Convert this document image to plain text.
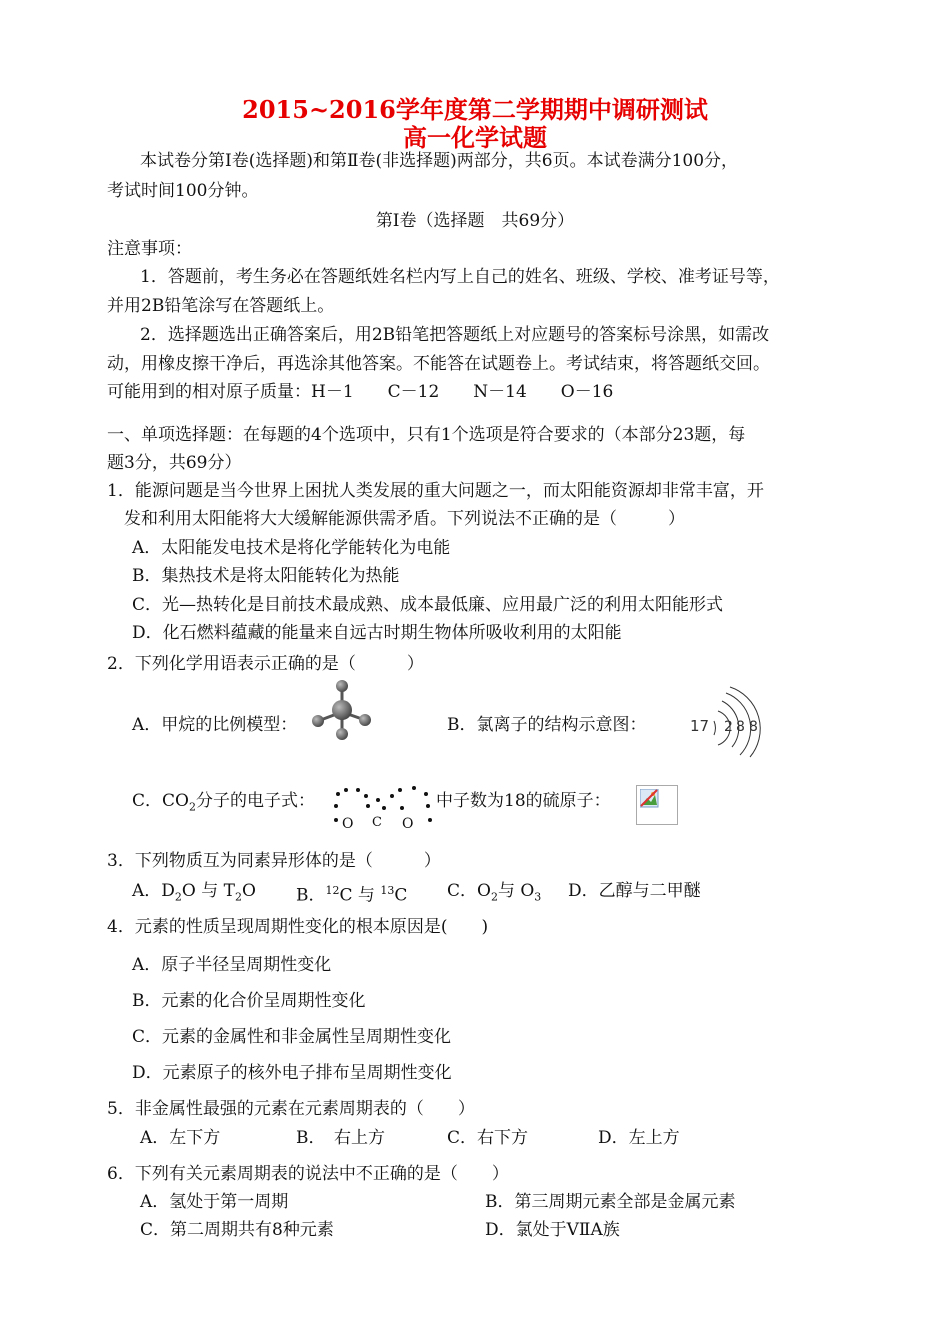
2015~2016学年度第二学期期中调研测试
高一化学试题
本试卷分第Ⅰ卷(选择题)和第Ⅱ卷(非选择题)两部分，共6页。本试卷满分100分，
考试时间100分钟。
第Ⅰ卷（选择题　共69分）
注意事项：
1．答题前，考生务必在答题纸姓名栏内写上自己的姓名、班级、学校、准考证号等，
并用2B铅笔涂写在答题纸上。
2．选择题选出正确答案后，用2B铅笔把答题纸上对应题号的答案标号涂黑，如需改
动，用橡皮擦干净后，再选涂其他答案。不能答在试题卷上。考试结束，将答题纸交回。
可能用到的相对原子质量：H－1　　C－12　　N－14　　O－16
一、单项选择题：在每题的4个选项中，只有1个选项是符合要求的（本部分23题，每
题3分，共69分）
1．能源问题是当今世界上困扰人类发展的重大问题之一，而太阳能资源却非常丰富，开
发和利用太阳能将大大缓解能源供需矛盾。下列说法不正确的是（　　　）
A．太阳能发电技术是将化学能转化为电能
B．集热技术是将太阳能转化为热能
C．光—热转化是目前技术最成熟、成本最低廉、应用最广泛的利用太阳能形式
D．化石燃料蕴藏的能量来自远古时期生物体所吸收利用的太阳能
2．下列化学用语表示正确的是（　　　）
A．甲烷的比例模型：	B．氯离子的结构示意图：	17 2 8 8
C．$CO_2$分子的电子式：
O C O
中子数为18的硫原子：
3．下列物质互为同素异形体的是（　　　）
A．$D_2O$ 与 $T_2O$ B．$^{12}$C 与 $^{13}$C C．$O_2$与 $O_3$ D．乙醇与二甲醚
4．元素的性质呈现周期性变化的根本原因是(　　)
A．原子半径呈周期性变化
B．元素的化合价呈周期性变化
C．元素的金属性和非金属性呈周期性变化
D．元素原子的核外电子排布呈周期性变化
5．非金属性最强的元素在元素周期表的（　　）
A．左下方	B．　右上方	C．右下方	D．左上方
6．下列有关元素周期表的说法中不正确的是（　　）
A．氢处于第一周期	B．第三周期元素全部是金属元素
C．第二周期共有8种元素	D．氯处于ⅤⅡA族
